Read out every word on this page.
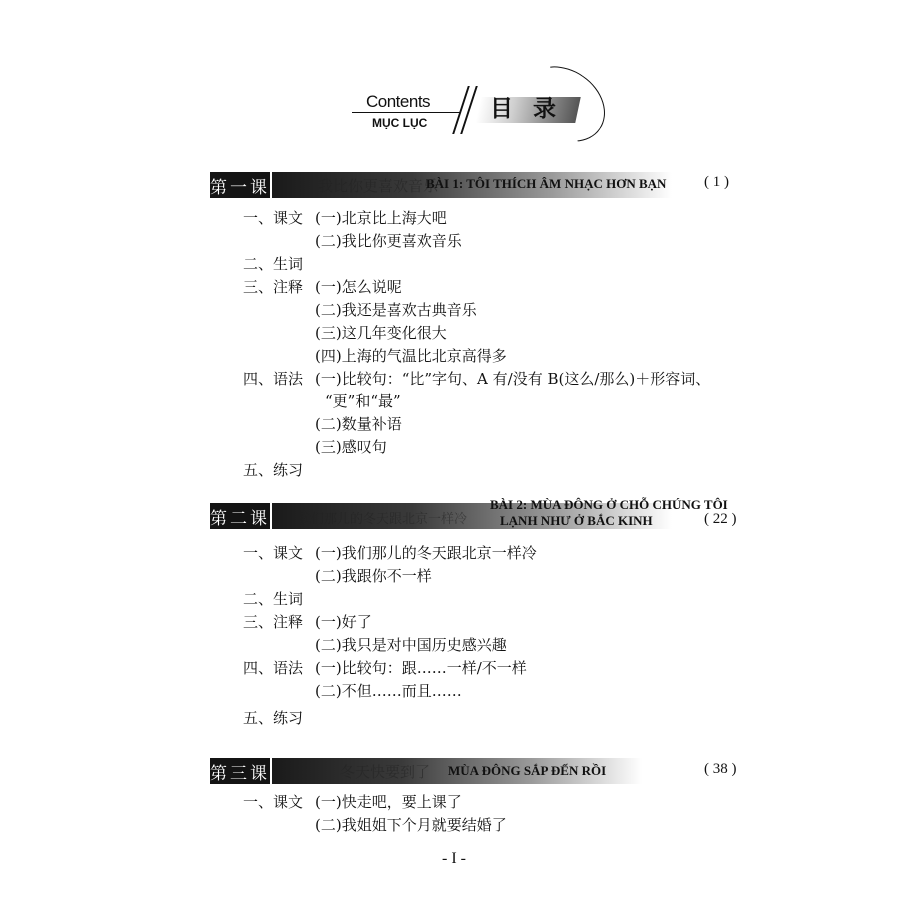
Contents
MỤC LỤC
目 录
第一课	我比你更喜欢音乐
BÀI 1: TÔI THÍCH ÂM NHẠC HƠN BẠN	( 1 )
一、课文 (一)北京比上海大吧
(二)我比你更喜欢音乐
二、生词
三、注释 (一)怎么说呢
(二)我还是喜欢古典音乐
(三)这几年变化很大
(四)上海的气温比北京高得多
四、语法 (一)比较句：“比”字句、A 有/没有 B(这么/那么)＋形容词、
“更”和“最”
(二)数量补语
(三)感叹句
五、练习
第二课 我们那儿的冬天跟北京一样冷
BÀI 2: MÙA ĐÔNG Ở CHỖ CHÚNG TÔI
LẠNH NHƯ Ở BẮC KINH	( 22 )
一、课文 (一)我们那儿的冬天跟北京一样冷
(二)我跟你不一样
二、生词
三、注释 (一)好了
(二)我只是对中国历史感兴趣
四、语法 (一)比较句：跟……一样/不一样
(二)不但……而且……
五、练习
第三课	冬天快要到了 MÙA ĐÔNG SẮP ĐẾN RỒI	( 38 )
一、课文 (一)快走吧，要上课了
(二)我姐姐下个月就要结婚了
- I -
